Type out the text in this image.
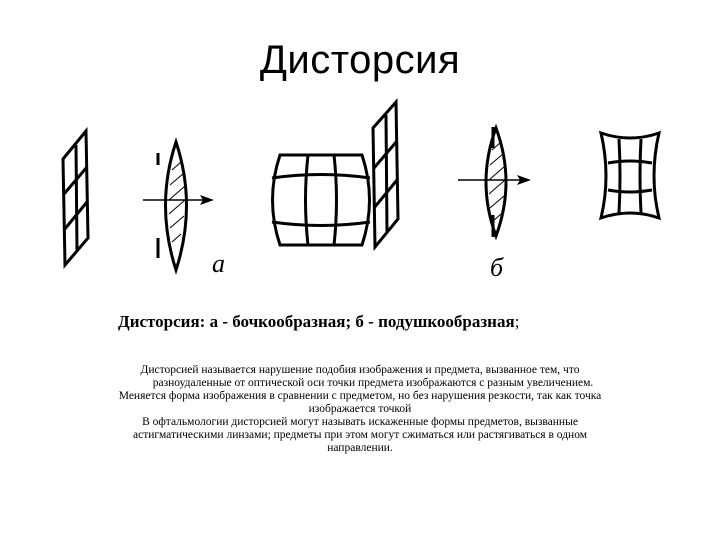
Дисторсия
а	б
Дисторсия: а - бочкообразная; б - подушкообразная;

Дисторсией называется нарушение подобия изображения и предмета, вызванное тем, что

разноудаленные от оптической оси точки предмета изображаются с разным увеличением.

Меняется форма изображения в сравнении с предметом, но без нарушения резкости, так как точка

изображается точкой

В офтальмологии дисторсией могут называть искаженные формы предметов, вызванные

астигматическими линзами; предметы при этом могут сжиматься или растягиваться в одном

направлении.
